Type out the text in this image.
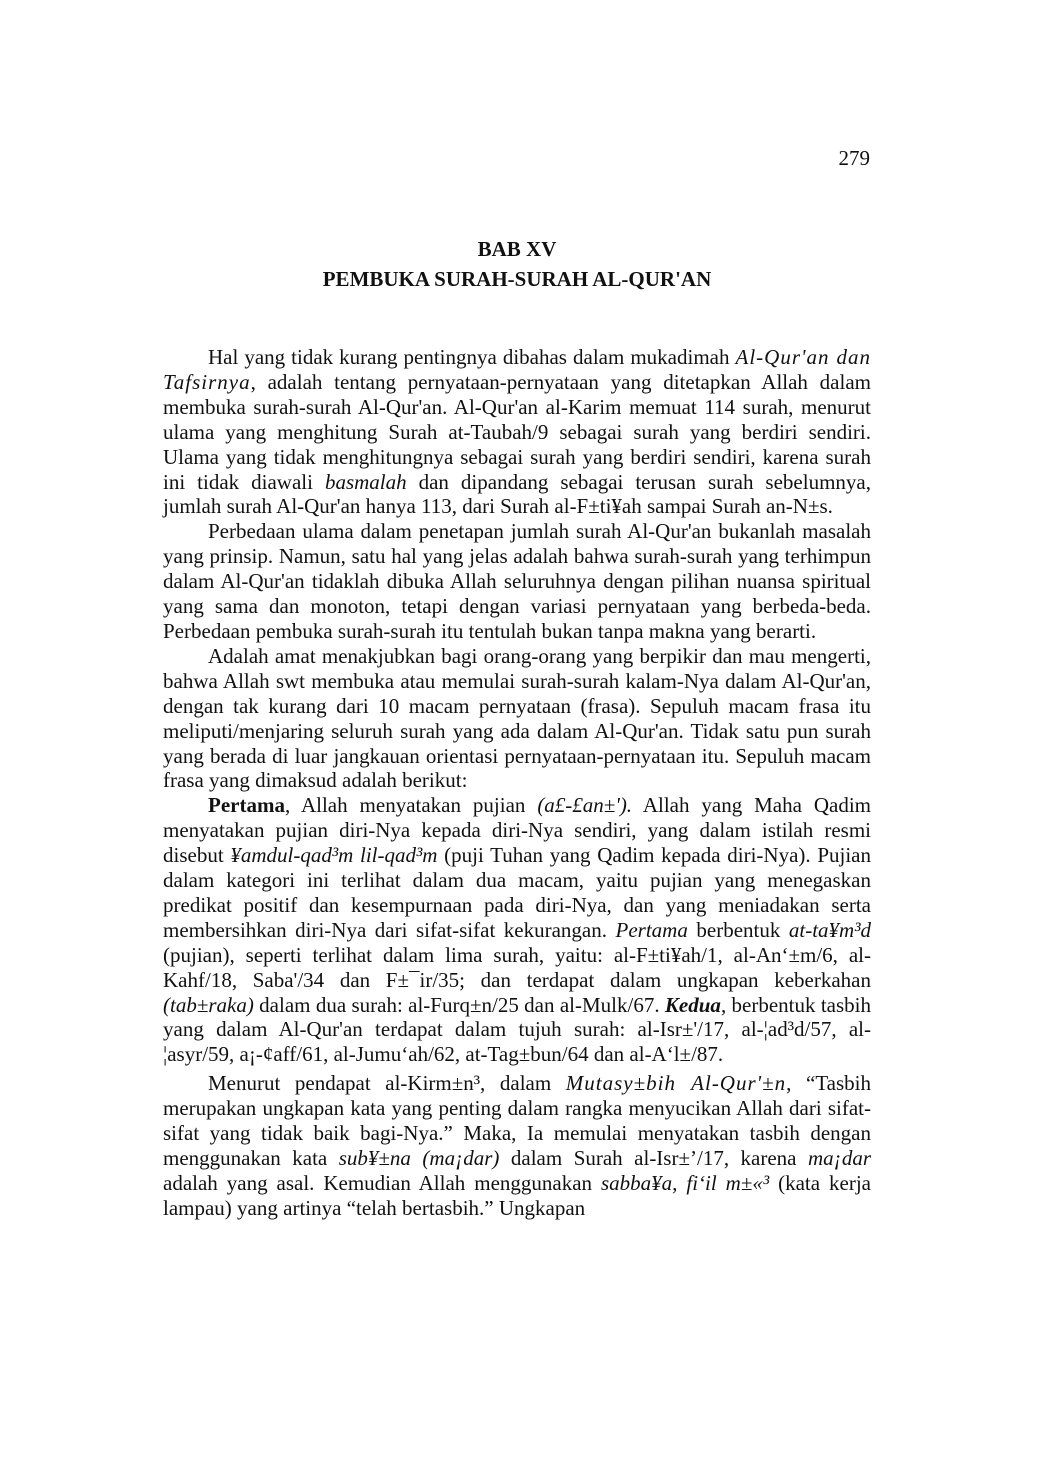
279
BAB XV
PEMBUKA SURAH-SURAH AL-QUR'AN

Hal yang tidak kurang pentingnya dibahas dalam mukadimah Al-Qur'an dan Tafsirnya, adalah tentang pernyataan-pernyataan yang ditetapkan Allah dalam membuka surah-surah Al-Qur'an. Al-Qur'an al-Karim memuat 114 surah, menurut ulama yang menghitung Surah at-Taubah/9 sebagai surah yang berdiri sendiri. Ulama yang tidak menghitungnya sebagai surah yang berdiri sendiri, karena surah ini tidak diawali basmalah dan dipandang sebagai terusan surah sebelumnya, jumlah surah Al-Qur'an hanya 113, dari Surah al-F±ti¥ah sampai Surah an-N±s.

Perbedaan ulama dalam penetapan jumlah surah Al-Qur'an bukanlah masalah yang prinsip. Namun, satu hal yang jelas adalah bahwa surah-surah yang terhimpun dalam Al-Qur'an tidaklah dibuka Allah seluruhnya dengan pilihan nuansa spiritual yang sama dan monoton, tetapi dengan variasi pernyataan yang berbeda-beda. Perbedaan pembuka surah-surah itu tentulah bukan tanpa makna yang berarti.

Adalah amat menakjubkan bagi orang-orang yang berpikir dan mau mengerti, bahwa Allah swt membuka atau memulai surah-surah kalam-Nya dalam Al-Qur'an, dengan tak kurang dari 10 macam pernyataan (frasa). Sepuluh macam frasa itu meliputi/menjaring seluruh surah yang ada dalam Al-Qur'an. Tidak satu pun surah yang berada di luar jangkauan orientasi pernyataan-pernyataan itu. Sepuluh macam frasa yang dimaksud adalah berikut:

Pertama, Allah menyatakan pujian (a£-£an±'). Allah yang Maha Qadim menyatakan pujian diri-Nya kepada diri-Nya sendiri, yang dalam istilah resmi disebut ¥amdul-qad³m lil-qad³m (puji Tuhan yang Qadim kepada diri-Nya). Pujian dalam kategori ini terlihat dalam dua macam, yaitu pujian yang menegaskan predikat positif dan kesempurnaan pada diri-Nya, dan yang meniadakan serta membersihkan diri-Nya dari sifat-sifat kekurangan. Pertama berbentuk at-ta¥m³d (pujian), seperti terlihat dalam lima surah, yaitu: al-F±ti¥ah/1, al-An‘±m/6, al-Kahf/18, Saba'/34 dan F±¯ir/35; dan terdapat dalam ungkapan keberkahan (tab±raka) dalam dua surah: al-Furq±n/25 dan al-Mulk/67. Kedua, berbentuk tasbih yang dalam Al-Qur'an terdapat dalam tujuh surah: al-Isr±'/17, al-¦ad³d/57, al-¦asyr/59, a¡-¢aff/61, al-Jumu‘ah/62, at-Tag±bun/64 dan al-A‘l±/87.

Menurut pendapat al-Kirm±n³, dalam Mutasy±bih Al-Qur'±n, “Tasbih merupakan ungkapan kata yang penting dalam rangka menyucikan Allah dari sifat-sifat yang tidak baik bagi-Nya.” Maka, Ia memulai menyatakan tasbih dengan menggunakan kata sub¥±na (ma¡dar) dalam Surah al-Isr±’/17, karena ma¡dar adalah yang asal. Kemudian Allah menggunakan sabba¥a, fi‘il m±«³ (kata kerja lampau) yang artinya “telah bertasbih.” Ungkapan
